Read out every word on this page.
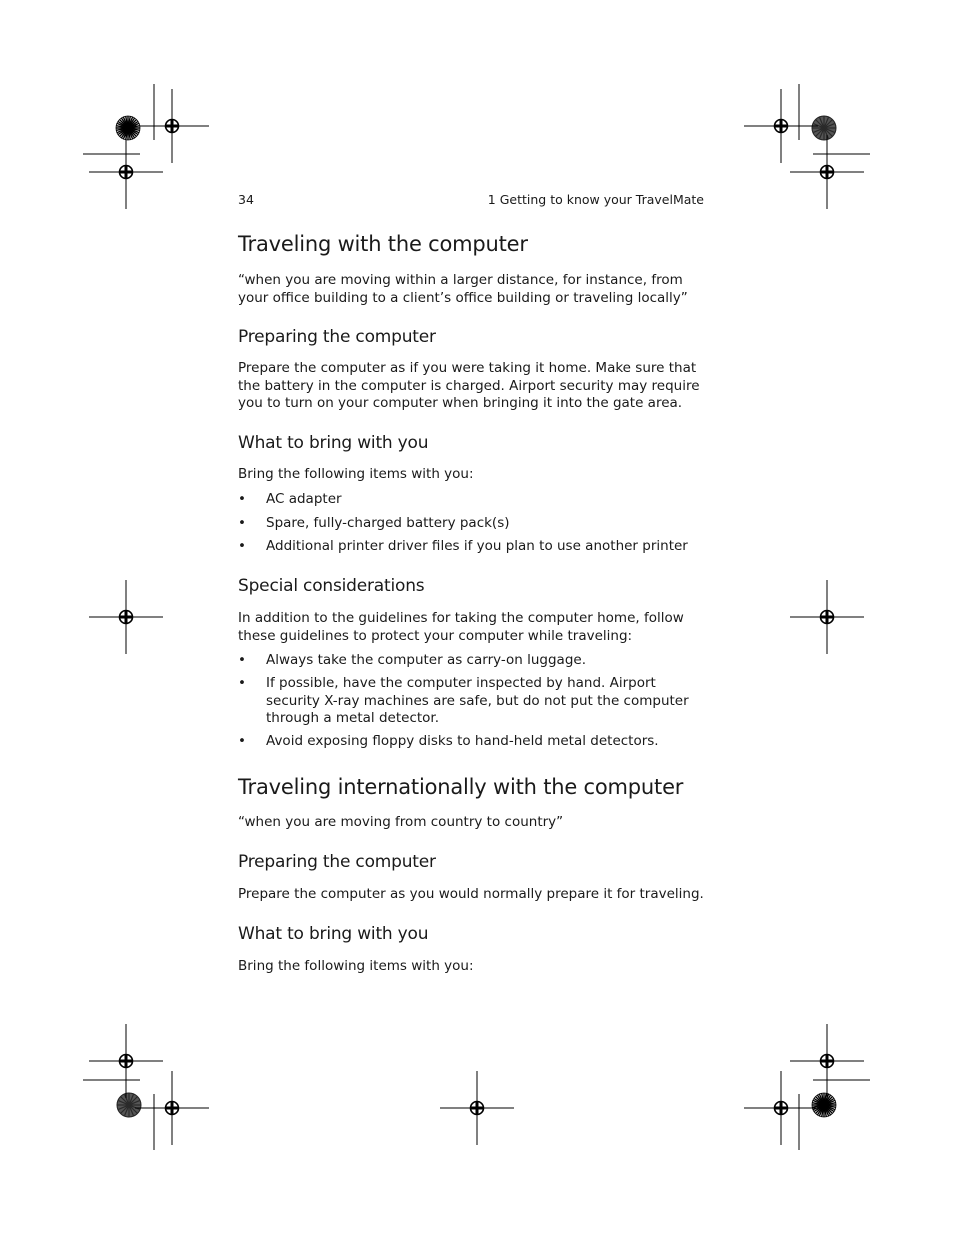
34	1 Getting to know your TravelMate
Traveling with the computer

“when you are moving within a larger distance, for instance, from your office building to a client’s office building or traveling locally”

Preparing the computer

Prepare the computer as if you were taking it home. Make sure that the battery in the computer is charged. Airport security may require you to turn on your computer when bringing it into the gate area.

What to bring with you

Bring the following items with you:

• AC adapter
• Spare, fully-charged battery pack(s)
• Additional printer driver files if you plan to use another printer
Special considerations

In addition to the guidelines for taking the computer home, follow these guidelines to protect your computer while traveling:

• Always take the computer as carry-on luggage.
• If possible, have the computer inspected by hand. Airport security X-ray machines are safe, but do not put the computer through a metal detector.
• Avoid exposing floppy disks to hand-held metal detectors.
Traveling internationally with the computer

“when you are moving from country to country”

Preparing the computer

Prepare the computer as you would normally prepare it for traveling.

What to bring with you

Bring the following items with you:
